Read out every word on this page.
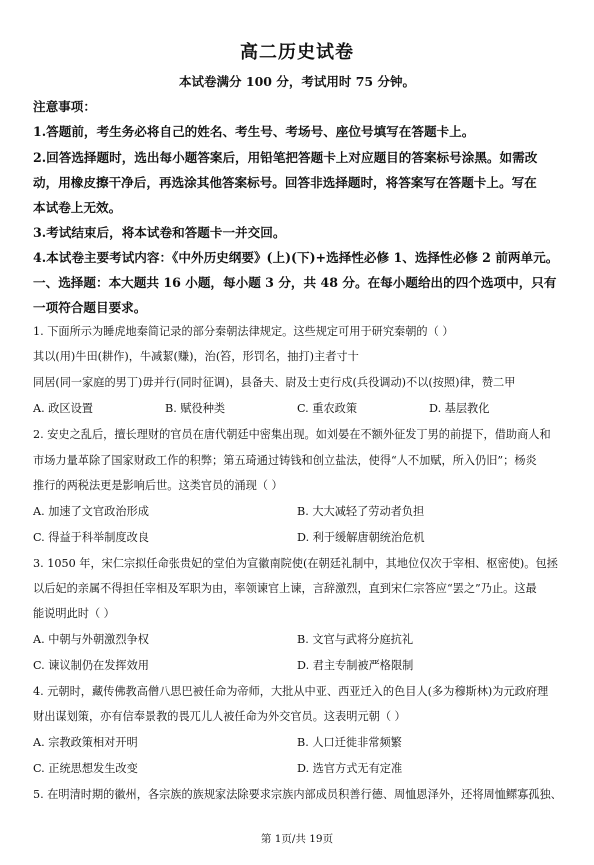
高二历史试卷
本试卷满分 100 分，考试用时 75 分钟。
注意事项：
1.答题前，考生务必将自己的姓名、考生号、考场号、座位号填写在答题卡上。
2.回答选择题时，选出每小题答案后，用铅笔把答题卡上对应题目的答案标号涂黑。如需改
动，用橡皮擦干净后，再选涂其他答案标号。回答非选择题时，将答案写在答题卡上。写在
本试卷上无效。
3.考试结束后，将本试卷和答题卡一并交回。
4.本试卷主要考试内容：《中外历史纲要》(上)(下)+选择性必修 1、选择性必修 2 前两单元。
一、选择题：本大题共 16 小题，每小题 3 分，共 48 分。在每小题给出的四个选项中，只有
一项符合题目要求。
1. 下面所示为睡虎地秦简记录的部分秦朝法律规定。这些规定可用于研究秦朝的（ ）
其以(用)牛田(耕作)，牛减絜(赚)，治(笞，形罚名，抽打)主者寸十
同居(同一家庭的男丁)毋并行(同时征调)，县备夫、尉及士吏行戍(兵役调动)不以(按照)律，赞二甲
A. 政区设置	B. 赋役种类	C. 重农政策	D. 基层教化
2. 安史之乱后，擅长理财的官员在唐代朝廷中密集出现。如刘晏在不额外征发丁男的前提下，借助商人和
市场力量革除了国家财政工作的积弊；第五琦通过铸钱和创立盐法，使得“人不加赋，所入仍旧”；杨炎
推行的两税法更是影响后世。这类官员的涌现（ ）
A. 加速了文官政治形成	B. 大大减轻了劳动者负担
C. 得益于科举制度改良	D. 利于缓解唐朝统治危机
3. 1050 年，宋仁宗拟任命张贵妃的堂伯为宣徽南院使(在朝廷礼制中，其地位仅次于宰相、枢密使)。包拯
以后妃的亲属不得担任宰相及军职为由，率领谏官上谏，言辞激烈，直到宋仁宗答应“罢之”乃止。这最
能说明此时（ ）
A. 中朝与外朝激烈争权	B. 文官与武将分庭抗礼
C. 谏议制仍在发挥效用	D. 君主专制被严格限制
4. 元朝时，藏传佛教高僧八思巴被任命为帝师，大批从中亚、西亚迁入的色目人(多为穆斯林)为元政府理
财出谋划策，亦有信奉景教的畏兀儿人被任命为外交官员。这表明元朝（ ）
A. 宗教政策相对开明	B. 人口迁徙非常频繁
C. 正统思想发生改变	D. 选官方式无有定准
5. 在明清时期的徽州，各宗族的族规家法除要求宗族内部成员积善行德、周恤恩泽外，还将周恤鳏寡孤独、
第 1页/共 19页
